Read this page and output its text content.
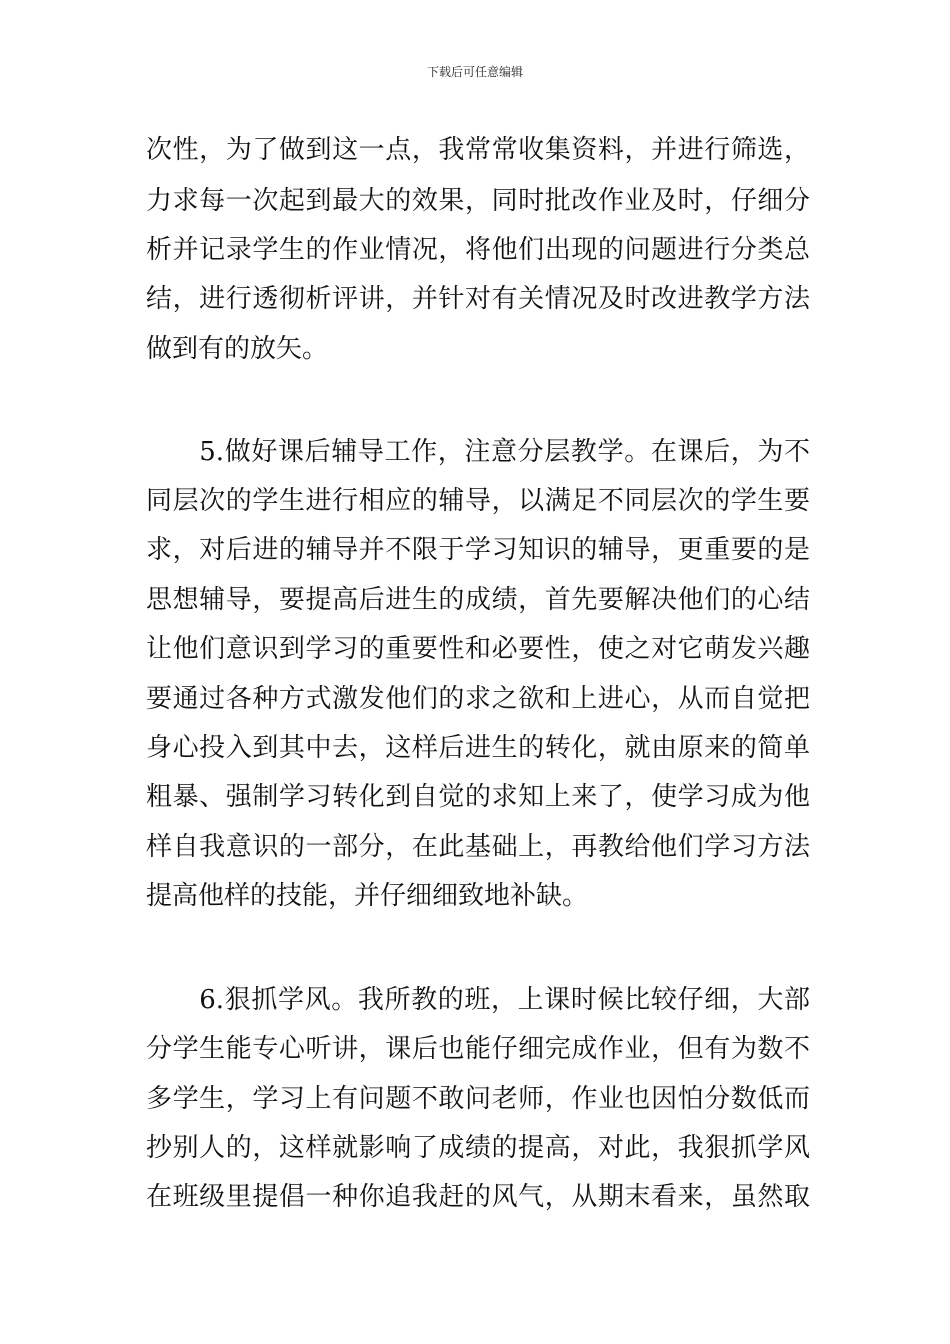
下载后可任意编辑
次性，为了做到这一点，我常常收集资料，并进行筛选，
力求每一次起到最大的效果，同时批改作业及时，仔细分
析并记录学生的作业情况，将他们出现的问题进行分类总
结，进行透彻析评讲，并针对有关情况及时改进教学方法
做到有的放矢。
　　5.做好课后辅导工作，注意分层教学。在课后，为不
同层次的学生进行相应的辅导，以满足不同层次的学生要
求，对后进的辅导并不限于学习知识的辅导，更重要的是
思想辅导，要提高后进生的成绩，首先要解决他们的心结
让他们意识到学习的重要性和必要性，使之对它萌发兴趣
要通过各种方式激发他们的求之欲和上进心，从而自觉把
身心投入到其中去，这样后进生的转化，就由原来的简单
粗暴、强制学习转化到自觉的求知上来了，使学习成为他
样自我意识的一部分，在此基础上，再教给他们学习方法
提高他样的技能，并仔细细致地补缺。
　　6.狠抓学风。我所教的班，上课时候比较仔细，大部
分学生能专心听讲，课后也能仔细完成作业，但有为数不
多学生，学习上有问题不敢问老师，作业也因怕分数低而
抄别人的，这样就影响了成绩的提高，对此，我狠抓学风
在班级里提倡一种你追我赶的风气，从期末看来，虽然取
